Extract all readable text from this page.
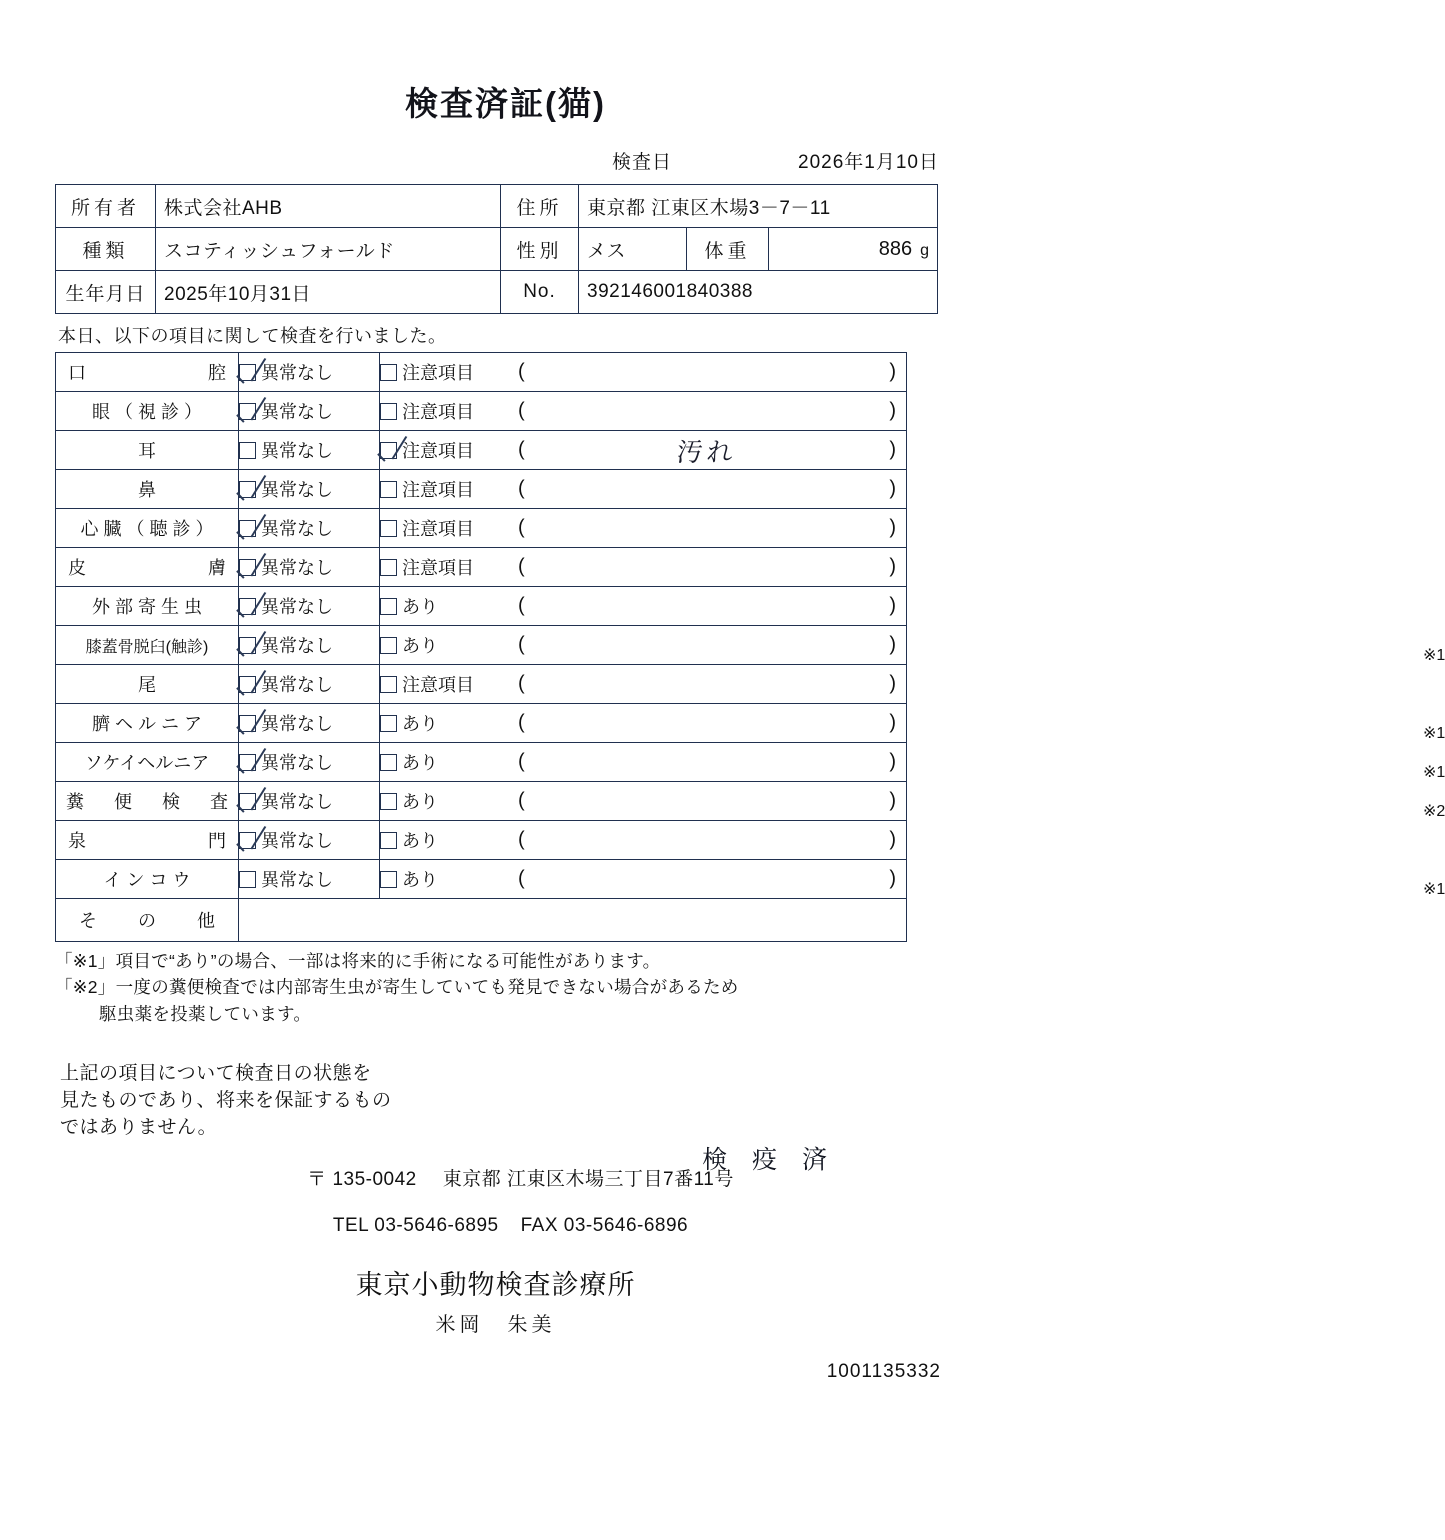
検査済証(猫)
検査日	2026年1月10日
所有者	株式会社AHB	住所	東京都 江東区木場3－7－11
種類	スコティッシュフォールド	性別	メス	体重	886 g
生年月日	2025年10月31日	No.	392146001840388
本日、以下の項目に関して検査を行いました。
口　　　　腔	異常なし	注意項目	( )

眼 （ 視 診 ）	異常なし	注意項目	( )

耳	異常なし	注意項目	( 汚れ )

鼻	異常なし	注意項目	( )

心 臓 （ 聴 診 ）	異常なし	注意項目	( )

皮　　　　膚	異常なし	注意項目	( )

外 部 寄 生 虫	異常なし	あり	( )

膝蓋骨脱臼(触診)	異常なし	あり	( ) ※1

尾	異常なし	注意項目	( )

臍 ヘ ル ニ ア	異常なし	あり	( ) ※1

ソケイヘルニア	異常なし	あり	( ) ※1

糞　便　検　査	異常なし	あり	( ) ※2

泉　　　　門	異常なし	あり	( )

イ ン コ ウ	異常なし	あり	( ) ※1

そ　 の　 他			
「※1」項目で“あり”の場合、一部は将来的に手術になる可能性があります。
「※2」一度の糞便検査では内部寄生虫が寄生していても発見できない場合があるため
駆虫薬を投薬しています。
上記の項目について検査日の状態を
見たものであり、将来を保証するもの
ではありません。
検 疫 済
〒 135-0042 東京都 江東区木場三丁目7番11号
TEL 03-5646-6895 FAX 03-5646-6896
東京小動物検査診療所
米岡　朱美
1001135332
